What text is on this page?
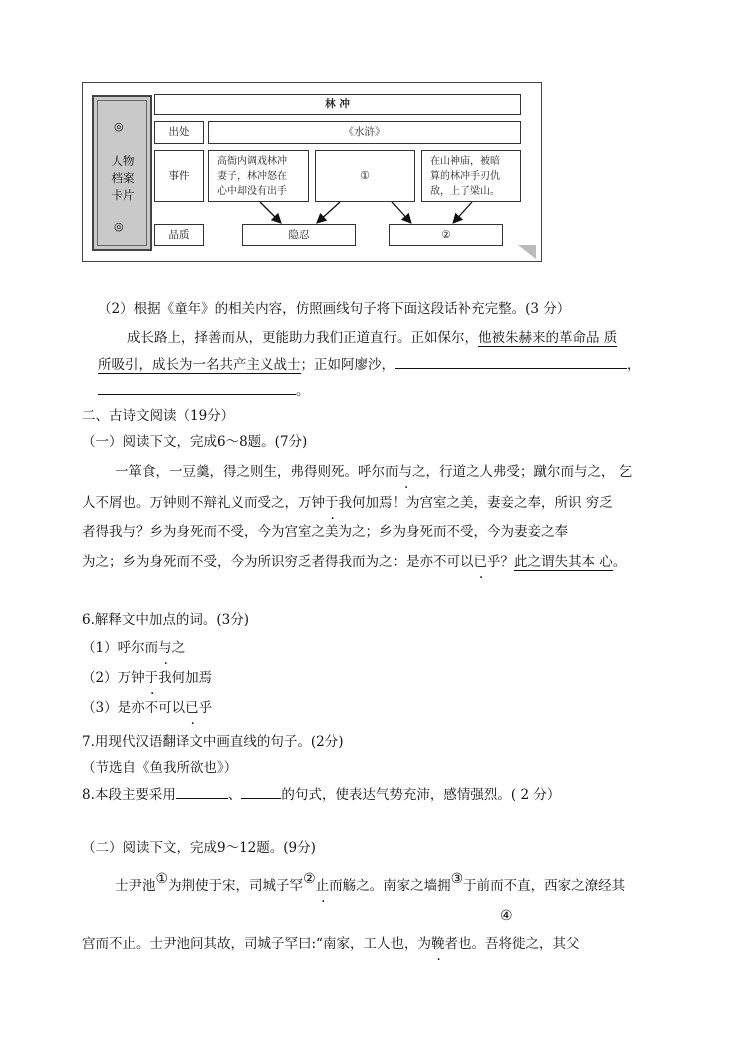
◎
人物
档案
卡片
◎
林 冲
出处	《水浒》
事件
高衙内调戏林冲
妻子，林冲怒在
心中却没有出手
①
在山神庙，被暗
算的林冲手刃仇
敌，上了梁山。
品质	隐忍	②
（2）根据《童年》的相关内容，仿照画线句子将下面这段话补充完整。(3 分）
成长路上，择善而从，更能助力我们正道直行。正如保尔，他被朱赫来的革命品 质
所吸引，成长为一名共产主义战士；正如阿廖沙，	，
。
二、古诗文阅读（19分）
（一）阅读下文，完成6～8题。(7分)
一箪食，一豆羹，得之则生，弗得则死。呼尔而与之，行道之人弗受；蹴尔而与之， 乞
人不屑也。万钟则不辩礼义而受之，万钟于我何加焉！为宫室之美，妻妾之奉，所识 穷乏
者得我与？乡为身死而不受，今为宫室之美为之；乡为身死而不受，今为妻妾之奉
为之；乡为身死而不受，今为所识穷乏者得我而为之：是亦不可以已乎？此之谓失其本 心。
6.解释文中加点的词。(3分)
（1）呼尔而与之
（2）万钟于我何加焉
（3）是亦不可以已乎
7.用现代汉语翻译文中画直线的句子。(2分)
（节选自《鱼我所欲也》）
8.本段主要采用	、	的句式，使表达气势充沛，感情强烈。( 2 分）
（二）阅读下文，完成9～12题。(9分)
士尹池①为荆使于宋，司城子罕②止而觞之。南家之墙拥③于前而不直，西家之潦经其
④
宫而不止。士尹池问其故，司城子罕曰:“南家，工人也，为鞔者也。吾将徙之，其父
